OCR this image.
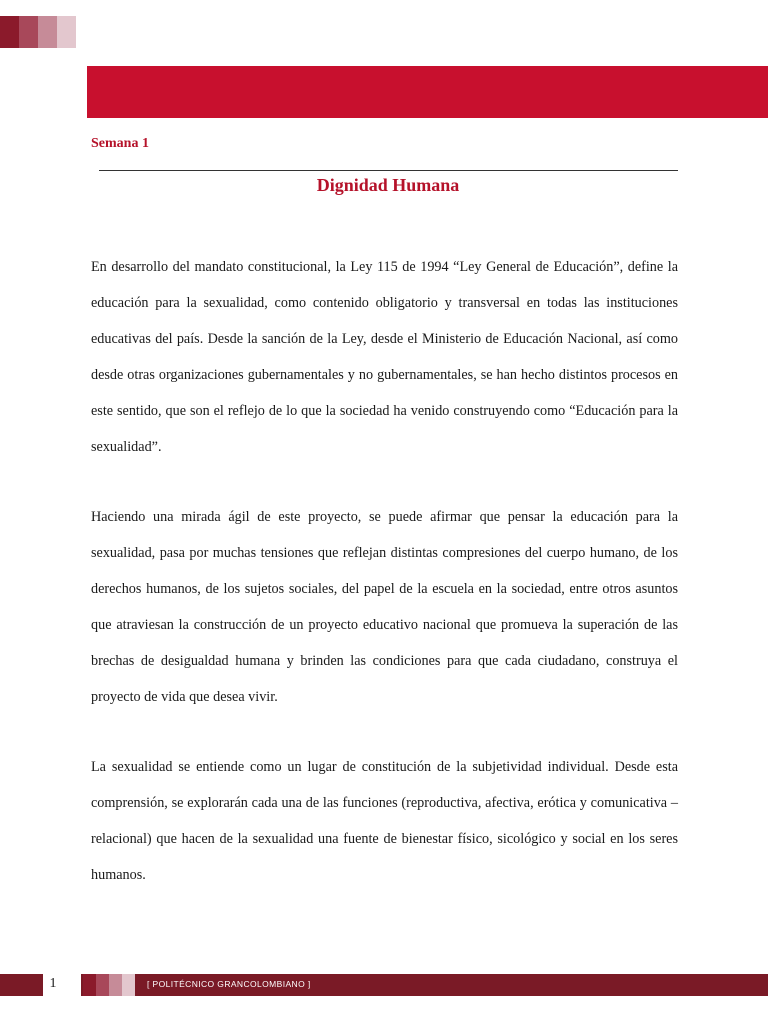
Semana 1
Dignidad Humana

En desarrollo del mandato constitucional, la Ley 115 de 1994 “Ley General de Educación”, define la educación para la sexualidad, como contenido obligatorio y transversal en todas las instituciones educativas del país. Desde la sanción de la Ley, desde el Ministerio de Educación Nacional, así como desde otras organizaciones gubernamentales y no gubernamentales, se han hecho distintos procesos en este sentido, que son el reflejo de lo que la sociedad ha venido construyendo como “Educación para la sexualidad”.

Haciendo una mirada ágil de este proyecto, se puede afirmar que pensar la educación para la sexualidad, pasa por muchas tensiones que reflejan distintas compresiones del cuerpo humano, de los derechos humanos, de los sujetos sociales, del papel de la escuela en la sociedad, entre otros asuntos que atraviesan la construcción de un proyecto educativo nacional que promueva la superación de las brechas de desigualdad humana y brinden las condiciones para que cada ciudadano, construya el proyecto de vida que desea vivir.

La sexualidad se entiende como un lugar de constitución de la subjetividad individual. Desde esta comprensión, se explorarán cada una de las funciones (reproductiva, afectiva, erótica y comunicativa – relacional) que hacen de la sexualidad una fuente de bienestar físico, sicológico y social en los seres humanos.

1	[ POLITÉCNICO GRANCOLOMBIANO ]
